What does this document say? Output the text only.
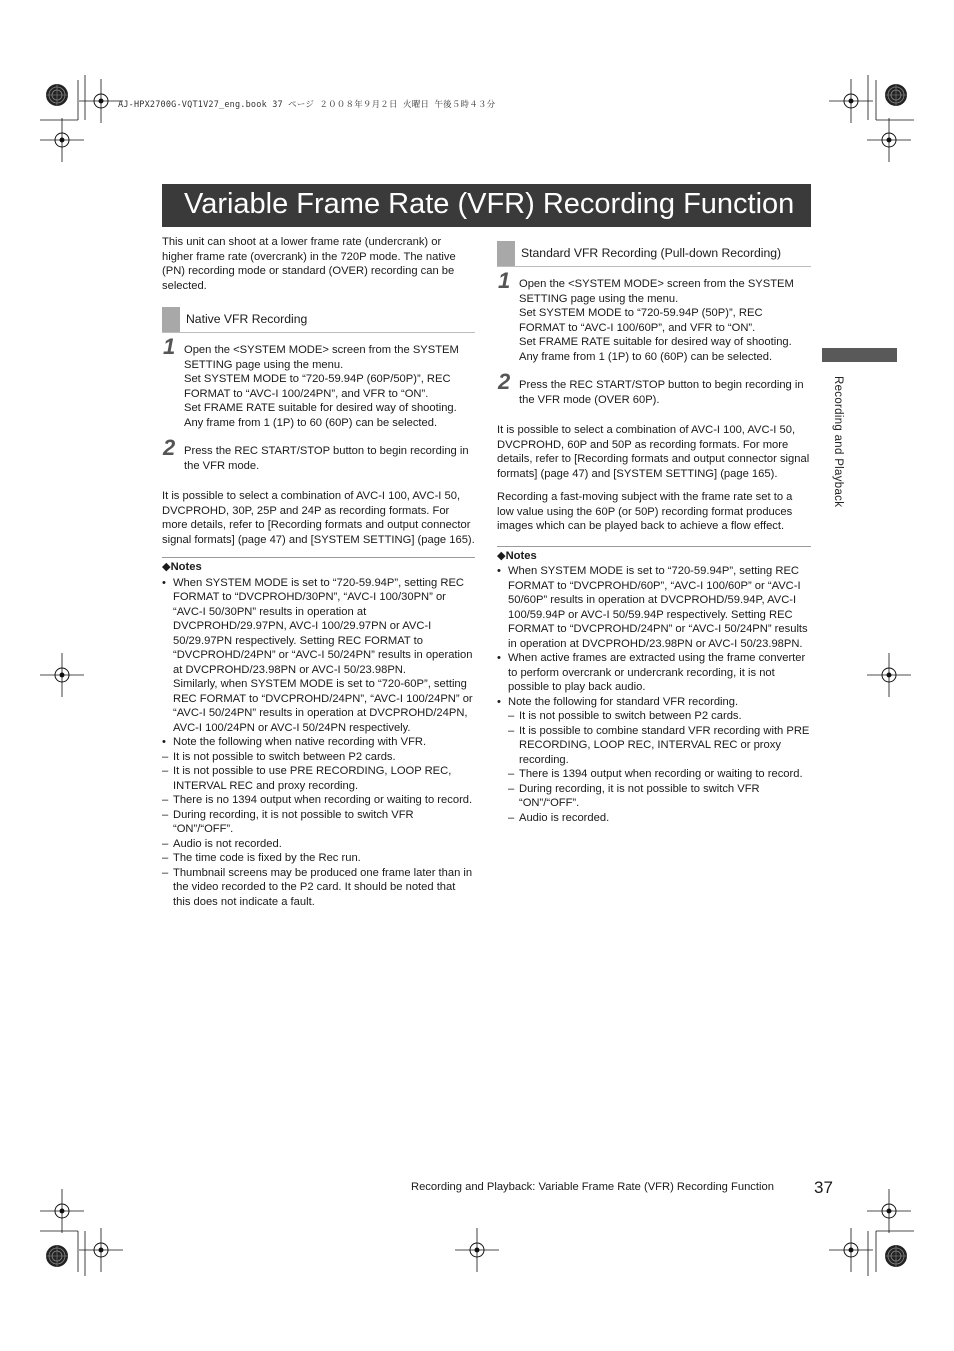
AJ-HPX2700G-VQT1V27_eng.book 37 ページ ２００８年９月２日 火曜日 午後５時４３分
Variable Frame Rate (VFR) Recording Function

This unit can shoot at a lower frame rate (undercrank) or higher frame rate (overcrank) in the 720P mode. The native (PN) recording mode or standard (OVER) recording can be selected.

Native VFR Recording
1 Open the <SYSTEM MODE> screen from the SYSTEM SETTING page using the menu.
Set SYSTEM MODE to “720-59.94P (60P/50P)”, REC FORMAT to “AVC-I 100/24PN”, and VFR to “ON”.
Set FRAME RATE suitable for desired way of shooting. Any frame from 1 (1P) to 60 (60P) can be selected.
2 Press the REC START/STOP button to begin recording in the VFR mode.

It is possible to select a combination of AVC-I 100, AVC-I 50, DVCPROHD, 30P, 25P and 24P as recording formats. For more details, refer to [Recording formats and output connector signal formats] (page 47) and [SYSTEM SETTING] (page 165).

◆Notes
• When SYSTEM MODE is set to “720-59.94P”, setting REC FORMAT to “DVCPROHD/30PN”, “AVC-I 100/30PN” or “AVC-I 50/30PN” results in operation at DVCPROHD/29.97PN, AVC-I 100/29.97PN or AVC-I 50/29.97PN respectively. Setting REC FORMAT to “DVCPROHD/24PN” or “AVC-I 50/24PN” results in operation at DVCPROHD/23.98PN or AVC-I 50/23.98PN.
Similarly, when SYSTEM MODE is set to “720-60P”, setting REC FORMAT to “DVCPROHD/24PN”, “AVC-I 100/24PN” or “AVC-I 50/24PN” results in operation at DVCPROHD/24PN, AVC-I 100/24PN or AVC-I 50/24PN respectively.
• Note the following when native recording with VFR.
– It is not possible to switch between P2 cards.
– It is not possible to use PRE RECORDING, LOOP REC, INTERVAL REC and proxy recording.
– There is no 1394 output when recording or waiting to record.
– During recording, it is not possible to switch VFR “ON”/“OFF”.
– Audio is not recorded.
– The time code is fixed by the Rec run.
– Thumbnail screens may be produced one frame later than in the video recorded to the P2 card. It should be noted that this does not indicate a fault.
Standard VFR Recording (Pull-down Recording)
1 Open the <SYSTEM MODE> screen from the SYSTEM SETTING page using the menu.
Set SYSTEM MODE to “720-59.94P (50P)”, REC FORMAT to “AVC-I 100/60P”, and VFR to “ON”.
Set FRAME RATE suitable for desired way of shooting. Any frame from 1 (1P) to 60 (60P) can be selected.
2 Press the REC START/STOP button to begin recording in the VFR mode (OVER 60P).

It is possible to select a combination of AVC-I 100, AVC-I 50, DVCPROHD, 60P and 50P as recording formats. For more details, refer to [Recording formats and output connector signal formats] (page 47) and [SYSTEM SETTING] (page 165).

Recording a fast-moving subject with the frame rate set to a low value using the 60P (or 50P) recording format produces images which can be played back to achieve a flow effect.

◆Notes
• When SYSTEM MODE is set to “720-59.94P”, setting REC FORMAT to “DVCPROHD/60P”, “AVC-I 100/60P” or “AVC-I 50/60P” results in operation at DVCPROHD/59.94P, AVC-I 100/59.94P or AVC-I 50/59.94P respectively. Setting REC FORMAT to “DVCPROHD/24PN” or “AVC-I 50/24PN” results in operation at DVCPROHD/23.98PN or AVC-I 50/23.98PN.
• When active frames are extracted using the frame converter to perform overcrank or undercrank recording, it is not possible to play back audio.
• Note the following for standard VFR recording.
– It is not possible to switch between P2 cards.
– It is possible to combine standard VFR recording with PRE RECORDING, LOOP REC, INTERVAL REC or proxy recording.
– There is 1394 output when recording or waiting to record.
– During recording, it is not possible to switch VFR “ON”/“OFF”.
– Audio is recorded.
Recording and Playback
Recording and Playback: Variable Frame Rate (VFR) Recording Function 37
